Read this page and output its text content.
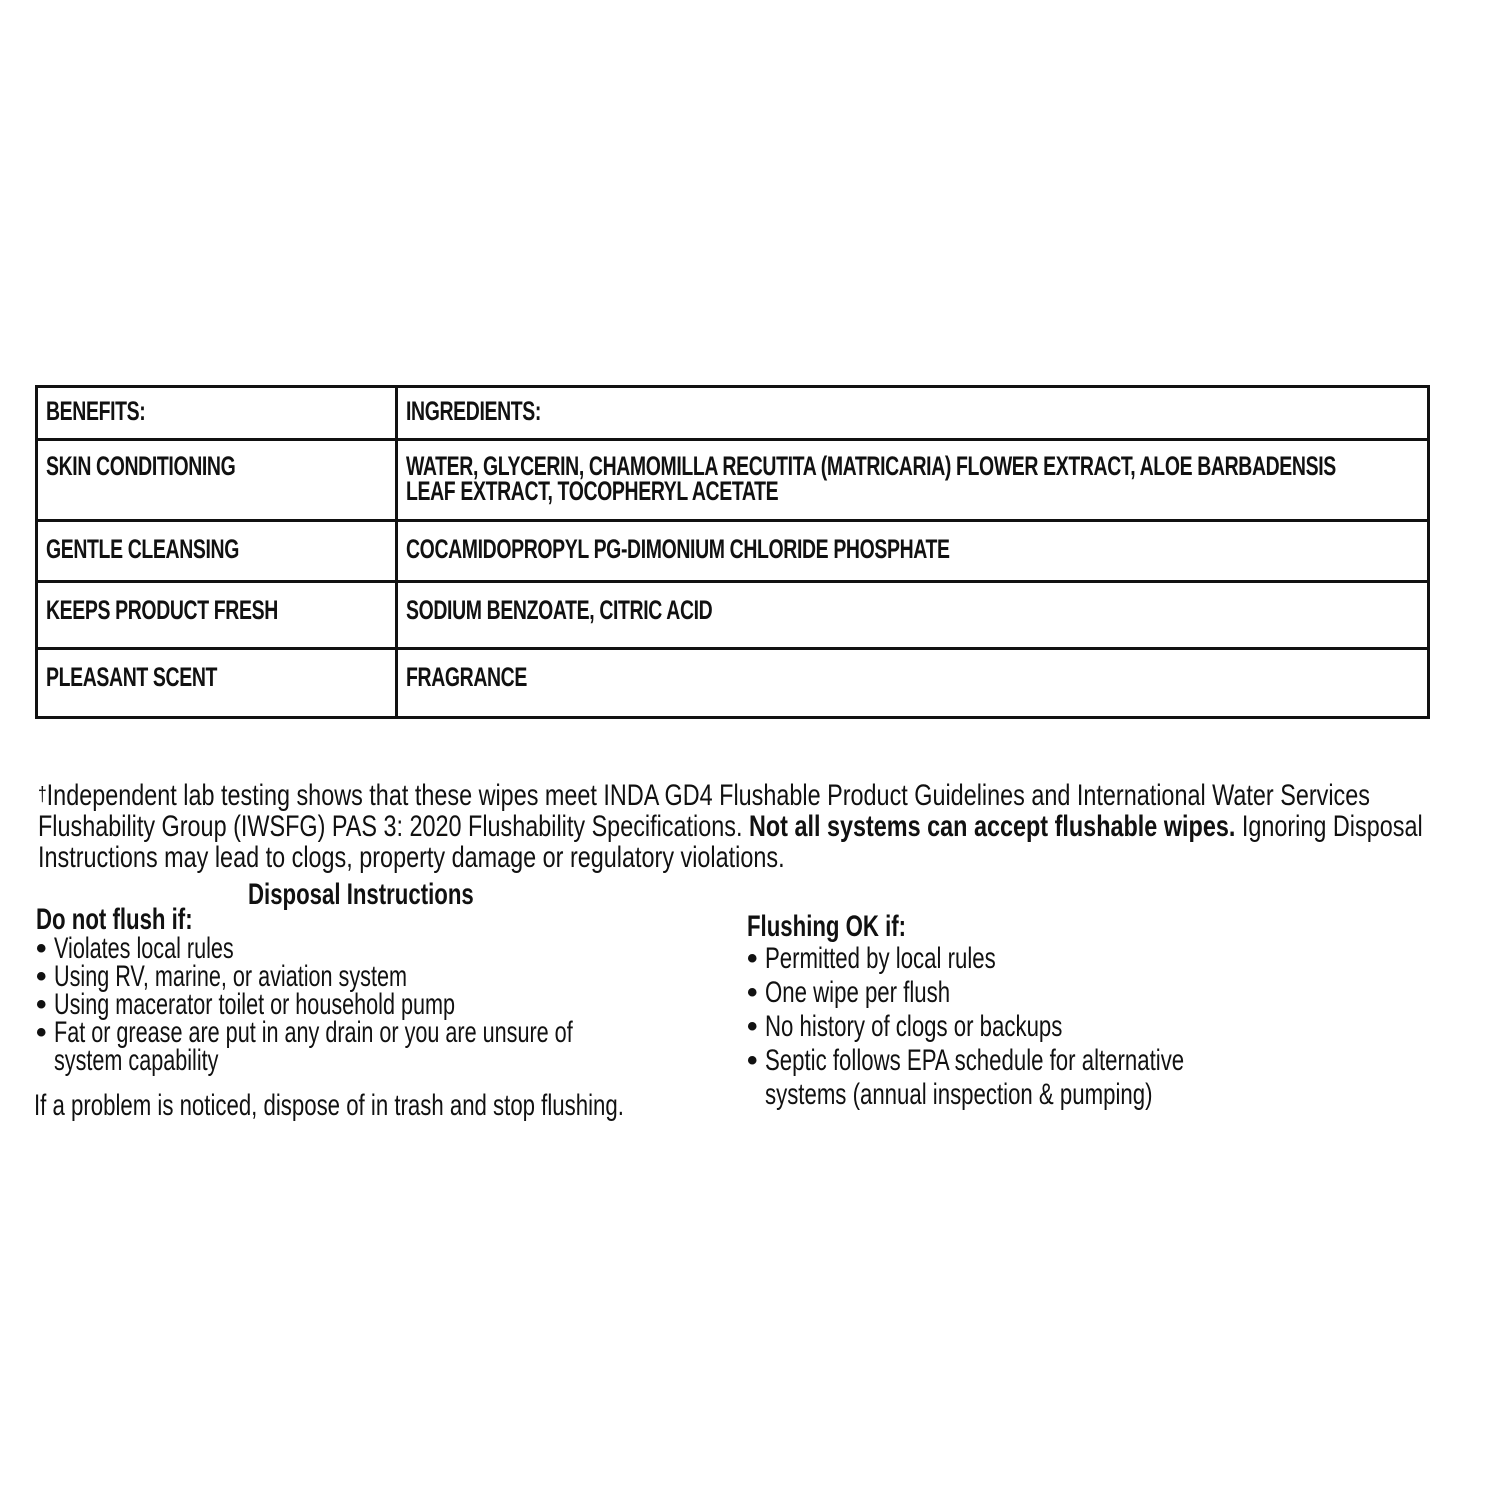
BENEFITS:	INGREDIENTS:
SKIN CONDITIONING	WATER, GLYCERIN, CHAMOMILLA RECUTITA (MATRICARIA) FLOWER EXTRACT, ALOE BARBADENSIS
LEAF EXTRACT, TOCOPHERYL ACETATE

GENTLE CLEANSING	COCAMIDOPROPYL PG-DIMONIUM CHLORIDE PHOSPHATE
KEEPS PRODUCT FRESH	SODIUM BENZOATE, CITRIC ACID
PLEASANT SCENT	FRAGRANCE
†Independent lab testing shows that these wipes meet INDA GD4 Flushable Product Guidelines and International Water Services
Flushability Group (IWSFG) PAS 3: 2020 Flushability Specifications. Not all systems can accept flushable wipes. Ignoring Disposal
Instructions may lead to clogs, property damage or regulatory violations.
Disposal Instructions
Do not flush if:
• Violates local rules
• Using RV, marine, or aviation system
• Using macerator toilet or household pump
• Fat or grease are put in any drain or you are unsure of
system capability
If a problem is noticed, dispose of in trash and stop flushing.
Flushing OK if:
• Permitted by local rules
• One wipe per flush
• No history of clogs or backups
• Septic follows EPA schedule for alternative
systems (annual inspection & pumping)
